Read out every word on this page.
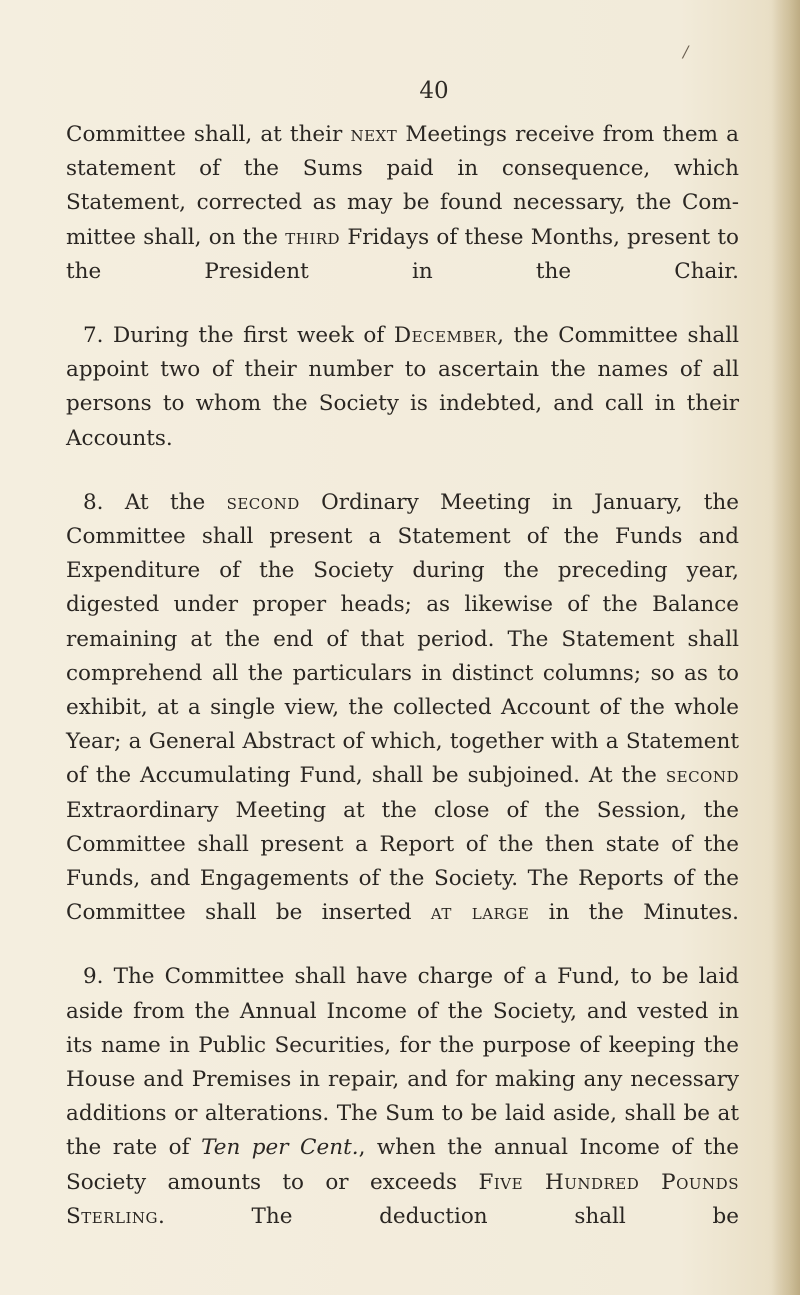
/
40

Committee shall, at their next Meetings receive from them a statement of the Sums paid in consequence, which Statement, corrected as may be found necessary, the Com-mittee shall, on the third Fridays of these Months, present to the President in the Chair.

7. During the first week of December, the Committee shall appoint two of their number to ascertain the names of all persons to whom the Society is indebted, and call in their Accounts.

8. At the second Ordinary Meeting in January, the Committee shall present a Statement of the Funds and Expenditure of the Society during the preceding year, digested under proper heads; as likewise of the Balance remaining at the end of that period. The Statement shall comprehend all the particulars in distinct columns; so as to exhibit, at a single view, the collected Account of the whole Year; a General Abstract of which, together with a Statement of the Accumulating Fund, shall be subjoined. At the second Extraordinary Meeting at the close of the Session, the Committee shall present a Report of the then state of the Funds, and Engagements of the Society. The Reports of the Committee shall be inserted at large in the Minutes.

9. The Committee shall have charge of a Fund, to be laid aside from the Annual Income of the Society, and vested in its name in Public Securities, for the purpose of keeping the House and Premises in repair, and for making any necessary additions or alterations. The Sum to be laid aside, shall be at the rate of Ten per Cent., when the annual Income of the Society amounts to or exceeds Five Hundred Pounds Sterling. The deduction shall be
